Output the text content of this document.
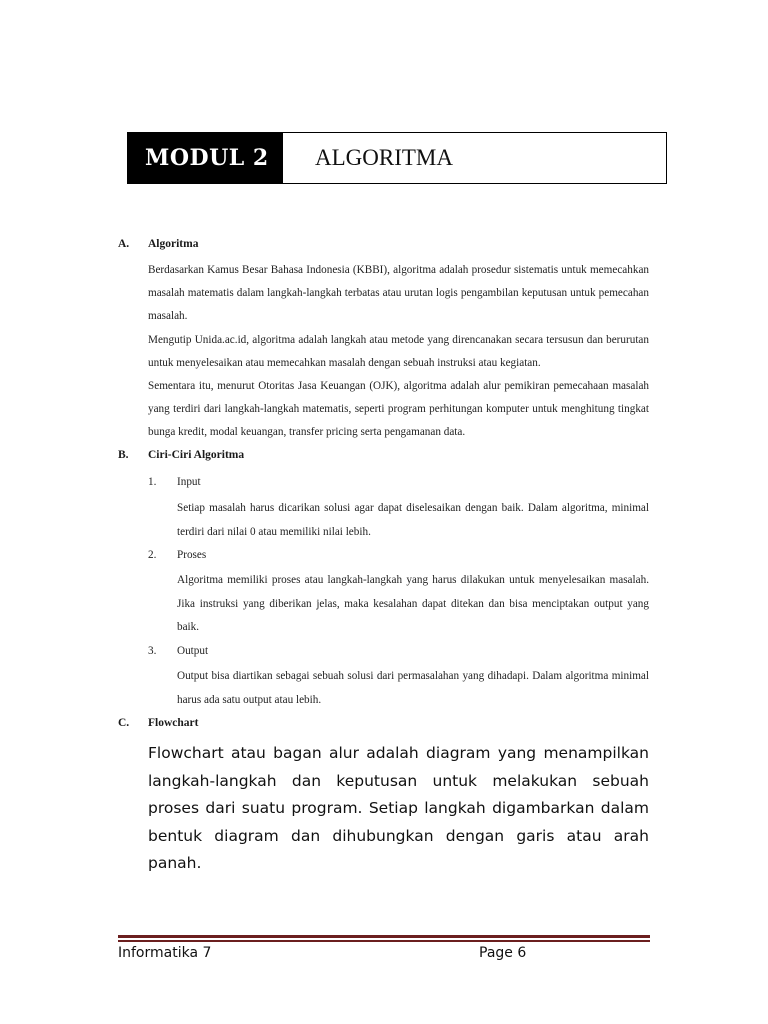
MODUL 2	ALGORITMA
A.	Algoritma

Berdasarkan Kamus Besar Bahasa Indonesia (KBBI), algoritma adalah prosedur sistematis untuk memecahkan masalah matematis dalam langkah-langkah terbatas atau urutan logis pengambilan keputusan untuk pemecahan masalah.

Mengutip Unida.ac.id, algoritma adalah langkah atau metode yang direncanakan secara tersusun dan berurutan untuk menyelesaikan atau memecahkan masalah dengan sebuah instruksi atau kegiatan.

Sementara itu, menurut Otoritas Jasa Keuangan (OJK), algoritma adalah alur pemikiran pemecahaan masalah yang terdiri dari langkah-langkah matematis, seperti program perhitungan komputer untuk menghitung tingkat bunga kredit, modal keuangan, transfer pricing serta pengamanan data.

B.	Ciri-Ciri Algoritma
1.	Input

Setiap masalah harus dicarikan solusi agar dapat diselesaikan dengan baik. Dalam algoritma, minimal terdiri dari nilai 0 atau memiliki nilai lebih.

2.	Proses

Algoritma memiliki proses atau langkah-langkah yang harus dilakukan untuk menyelesaikan masalah. Jika instruksi yang diberikan jelas, maka kesalahan dapat ditekan dan bisa menciptakan output yang baik.

3.	Output

Output bisa diartikan sebagai sebuah solusi dari permasalahan yang dihadapi. Dalam algoritma minimal harus ada satu output atau lebih.

C.	Flowchart

Flowchart atau bagan alur adalah diagram yang menampilkan langkah-langkah dan keputusan untuk melakukan sebuah proses dari suatu program. Setiap langkah digambarkan dalam bentuk diagram dan dihubungkan dengan garis atau arah panah.

Informatika 7	Page 6
